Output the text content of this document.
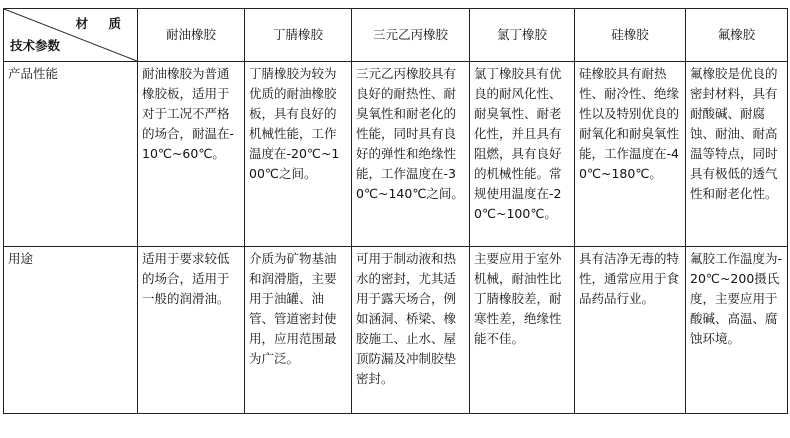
材 质
技术参数	耐油橡胶	丁腈橡胶	三元乙丙橡胶	氯丁橡胶	硅橡胶	氟橡胶
产品性能	耐油橡胶为普通橡胶板，适用于对于工况不严格的场合，耐温在-10℃~60℃。	丁腈橡胶为较为优质的耐油橡胶板，具有良好的机械性能，工作温度在-20℃~100℃之间。	三元乙丙橡胶具有良好的耐热性、耐臭氧性和耐老化的性能，同时具有良好的弹性和绝缘性能，工作温度在-30℃~140℃之间。	氯丁橡胶具有优良的耐风化性、耐臭氧性、耐老化性，并且具有阻燃，具有良好的机械性能。常规使用温度在-20℃~100℃。	硅橡胶具有耐热性、耐冷性、绝缘性以及特别优良的耐氧化和耐臭氧性能，工作温度在-40℃~180℃。	氟橡胶是优良的密封材料，具有耐酸碱、耐腐蚀、耐油、耐高温等特点，同时具有极低的透气性和耐老化性。
用途	适用于要求较低的场合，适用于一般的润滑油。	介质为矿物基油和润滑脂，主要用于油罐、油管、管道密封使用，应用范围最为广泛。	可用于制动液和热水的密封，尤其适用于露天场合，例如涵洞、桥梁、橡胶施工、止水、屋顶防漏及冲制胶垫密封。	主要应用于室外机械，耐油性比丁腈橡胶差，耐寒性差，绝缘性能不佳。	具有洁净无毒的特性，通常应用于食品药品行业。	氟胶工作温度为-20℃~200摄氏度，主要应用于酸碱、高温、腐蚀环境。
